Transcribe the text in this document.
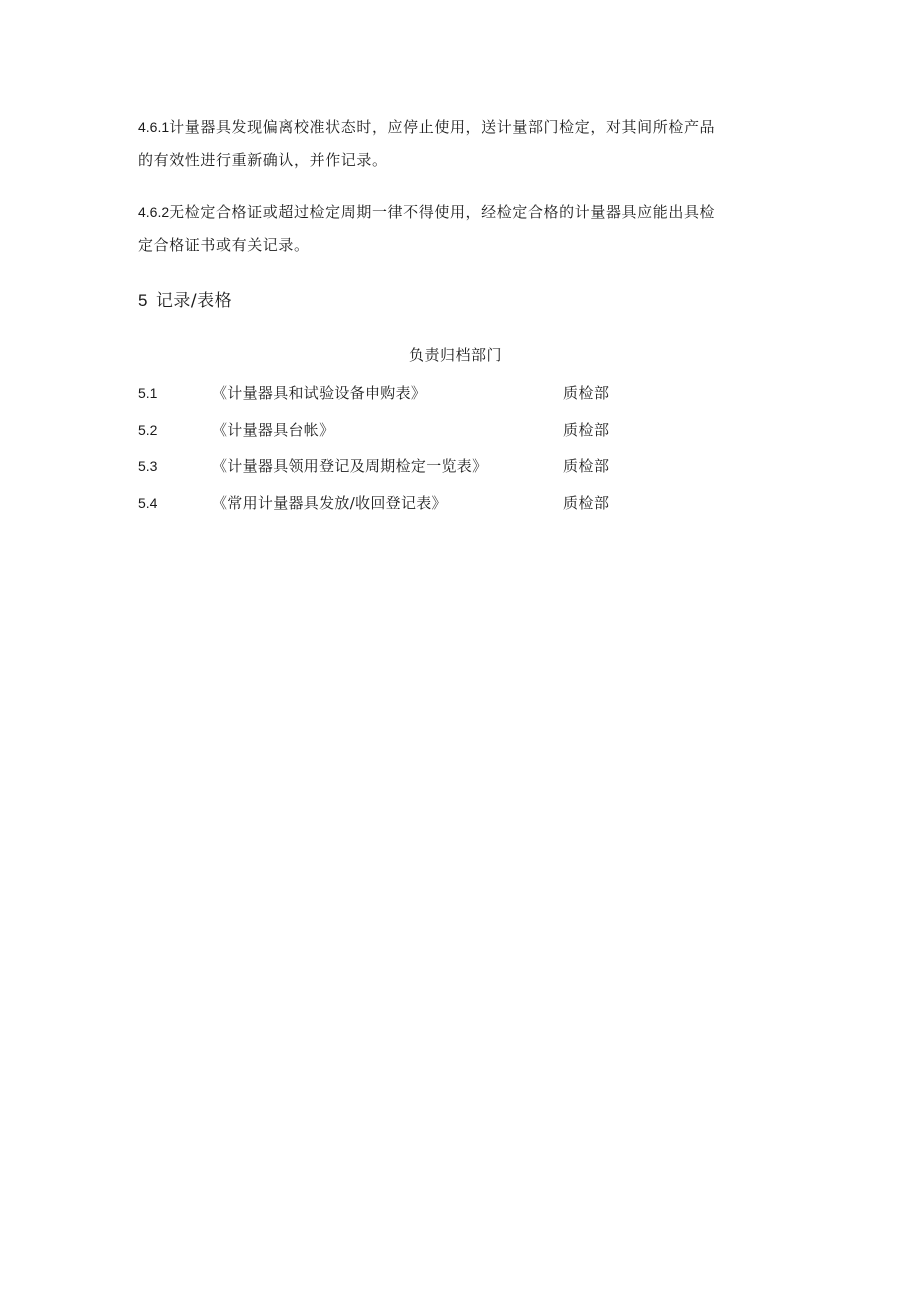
4.6.1计量器具发现偏离校准状态时，应停止使用，送计量部门检定，对其间所检产品
的有效性进行重新确认，并作记录。
4.6.2无检定合格证或超过检定周期一律不得使用，经检定合格的计量器具应能出具检
定合格证书或有关记录。
5 记录/表格
负责归档部门
5.1	《计量器具和试验设备申购表》	质检部
5.2	《计量器具台帐》	质检部
5.3	《计量器具领用登记及周期检定一览表》	质检部
5.4	《常用计量器具发放/收回登记表》	质检部
